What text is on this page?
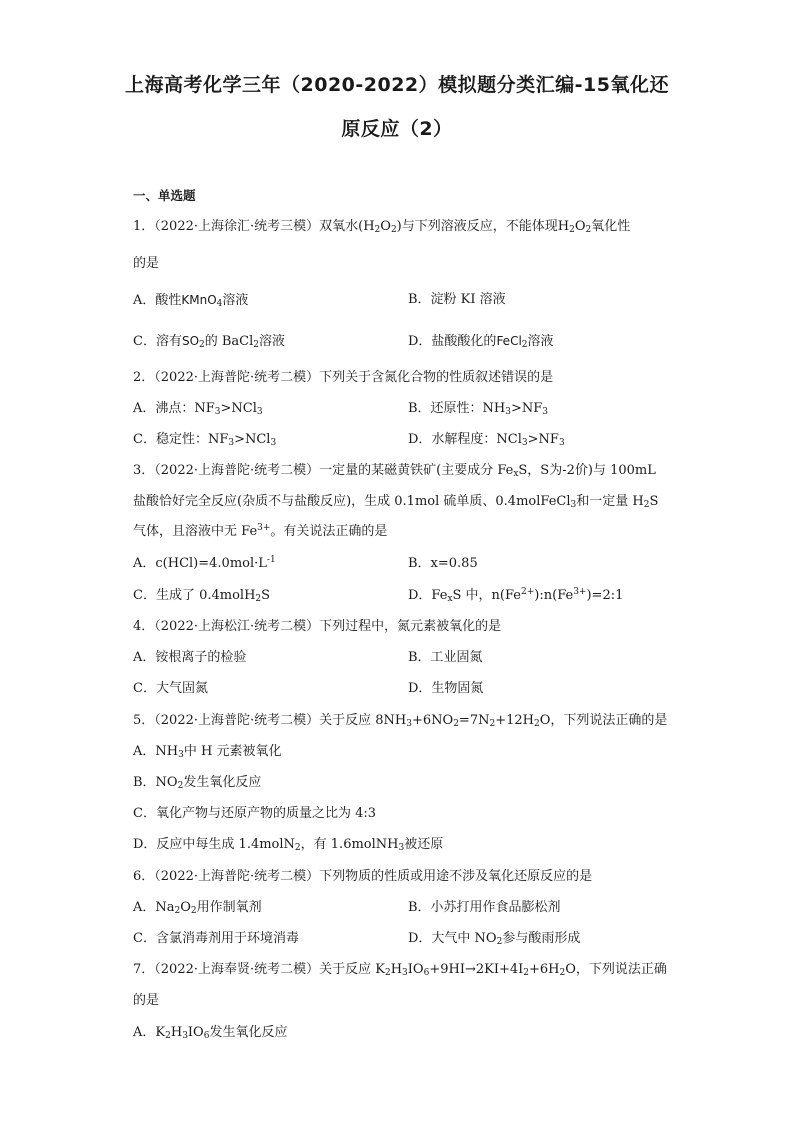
上海高考化学三年（2020-2022）模拟题分类汇编-15氧化还
原反应（2）
一、单选题
1．（2022·上海徐汇·统考三模）双氧水$(H_2O_2)$与下列溶液反应，不能体现$H_2O_2$氧化性
的是
A．酸性KMnO$_4$溶液	B．淀粉 KI 溶液
C．溶有$SO_2$的 BaCl$_2$溶液	D．盐酸酸化的FeCl$_2$溶液
2．（2022·上海普陀·统考二模）下列关于含氮化合物的性质叙述错误的是
A．沸点：$NF_3>NCl_3$	B．还原性：$NH_3>NF_3$
C．稳定性：$NF_3>NCl_3$	D．水解程度：$NCl_3>NF_3$
3．（2022·上海普陀·统考二模）一定量的某磁黄铁矿(主要成分 $Fe_xS$，S为-2价)与 100mL
盐酸恰好完全反应(杂质不与盐酸反应)，生成 0.1mol 硫单质、0.4molFeCl$_3$和一定量 $H_2S$
气体，且溶液中无 $Fe^{3+}$。有关说法正确的是
A．$c(HCl)=4.0mol\cdot L^{-1}$	B．x=0.85
C．生成了 0.4molH$_2$S	D．$Fe_xS$ 中，$n(Fe^{2+}):n(Fe^{3+})=2:1$
4．（2022·上海松江·统考二模）下列过程中，氮元素被氧化的是
A．铵根离子的检验	B．工业固氮
C．大气固氮	D．生物固氮
5．（2022·上海普陀·统考二模）关于反应 $8NH_3+6NO_2=7N_2+12H_2O$，下列说法正确的是
A．$NH_3$中 H 元素被氧化
B．$NO_2$发生氧化反应
C．氧化产物与还原产物的质量之比为 4:3
D．反应中每生成 1.4molN$_2$，有 1.6molNH$_3$被还原
6．（2022·上海普陀·统考二模）下列物质的性质或用途不涉及氧化还原反应的是
A．$Na_2O_2$用作制氧剂	B．小苏打用作食品膨松剂
C．含氯消毒剂用于环境消毒	D．大气中 $NO_2$参与酸雨形成
7．（2022·上海奉贤·统考二模）关于反应 $K_2H_3IO_6+9HI\to 2KI+4I_2+6H_2O$，下列说法正确
的是
A．$K_2H_3IO_6$发生氧化反应
